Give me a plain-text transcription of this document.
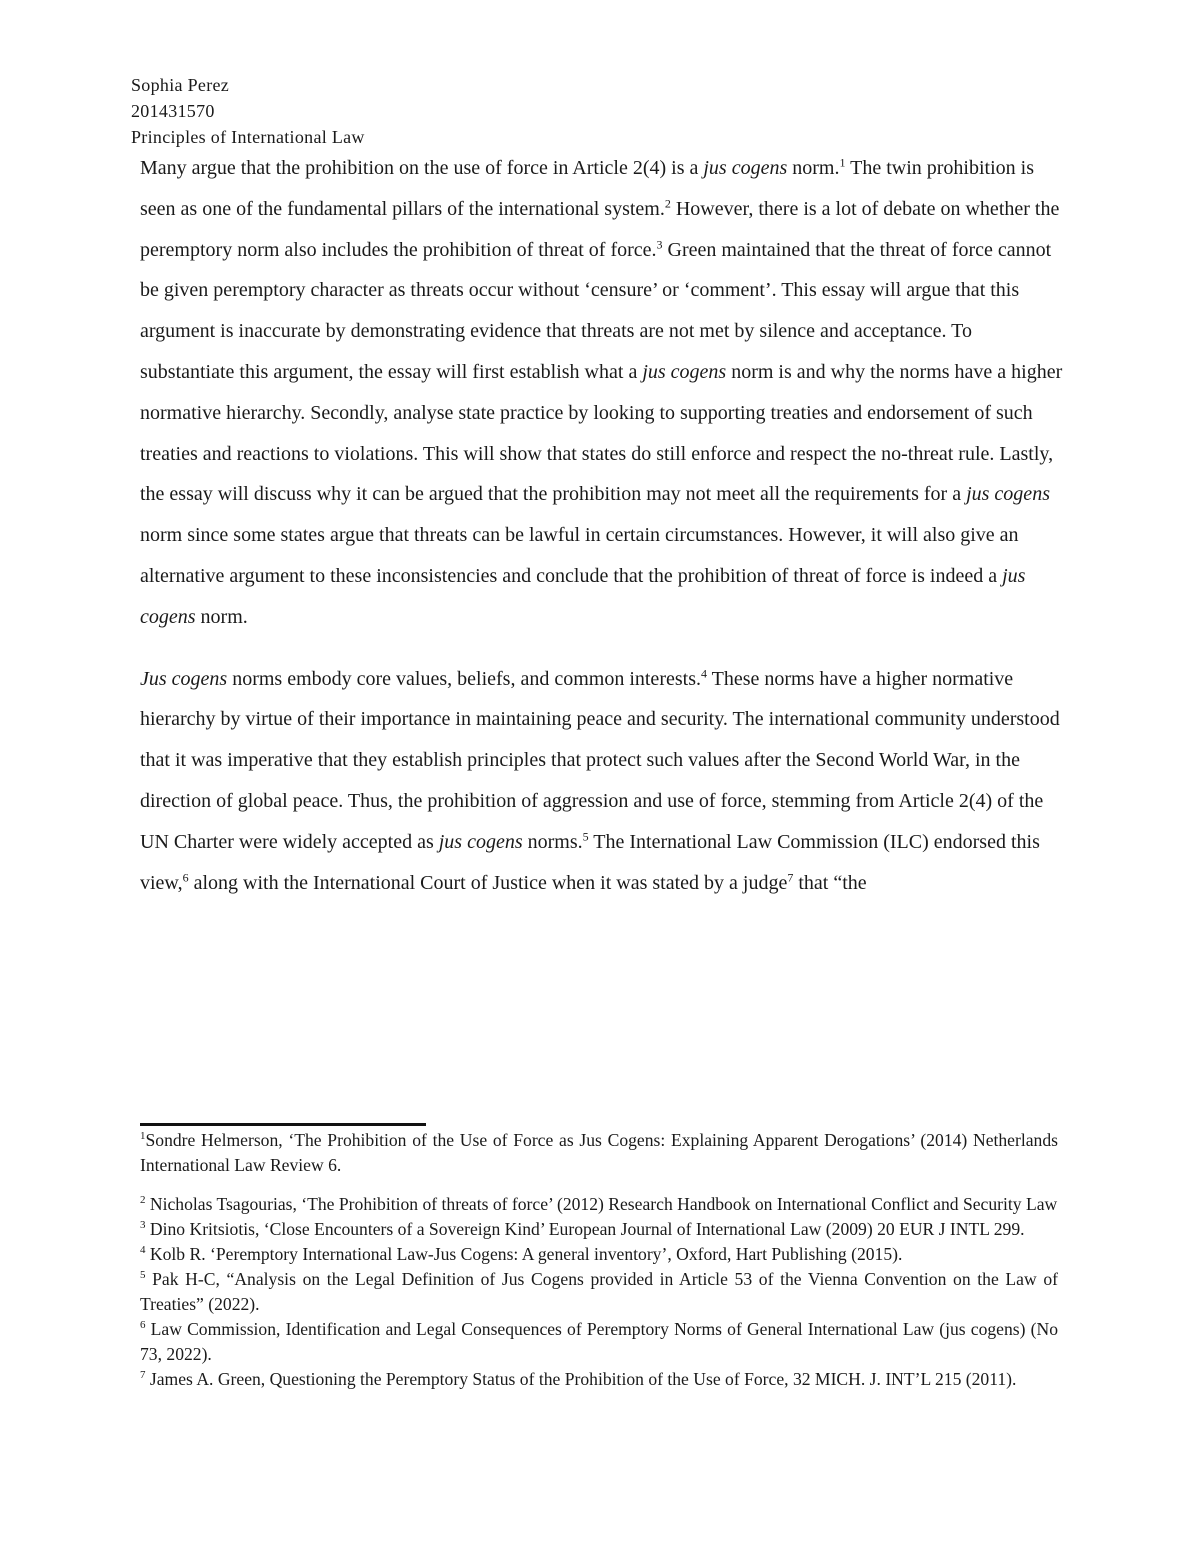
Sophia Perez
201431570
Principles of International Law

Many argue that the prohibition on the use of force in Article 2(4) is a jus cogens norm.$^1$ The twin prohibition is seen as one of the fundamental pillars of the international system.$^2$ However, there is a lot of debate on whether the peremptory norm also includes the prohibition of threat of force.$^3$ Green maintained that the threat of force cannot be given peremptory character as threats occur without ‘censure’ or ‘comment’. This essay will argue that this argument is inaccurate by demonstrating evidence that threats are not met by silence and acceptance. To substantiate this argument, the essay will first establish what a jus cogens norm is and why the norms have a higher normative hierarchy. Secondly, analyse state practice by looking to supporting treaties and endorsement of such treaties and reactions to violations. This will show that states do still enforce and respect the no-threat rule. Lastly, the essay will discuss why it can be argued that the prohibition may not meet all the requirements for a jus cogens norm since some states argue that threats can be lawful in certain circumstances. However, it will also give an alternative argument to these inconsistencies and conclude that the prohibition of threat of force is indeed a jus cogens norm.

Jus cogens norms embody core values, beliefs, and common interests.$^4$ These norms have a higher normative hierarchy by virtue of their importance in maintaining peace and security. The international community understood that it was imperative that they establish principles that protect such values after the Second World War, in the direction of global peace. Thus, the prohibition of aggression and use of force, stemming from Article 2(4) of the UN Charter were widely accepted as jus cogens norms.$^5$ The International Law Commission (ILC) endorsed this view,$^6$ along with the International Court of Justice when it was stated by a judge$^7$ that “the

$^1$Sondre Helmerson, ‘The Prohibition of the Use of Force as Jus Cogens: Explaining Apparent Derogations’ (2014) Netherlands International Law Review 6.

$^2$ Nicholas Tsagourias, ‘The Prohibition of threats of force’ (2012) Research Handbook on International Conflict and Security Law

$^3$ Dino Kritsiotis, ‘Close Encounters of a Sovereign Kind’ European Journal of International Law (2009) 20 EUR J INTL 299.

$^4$ Kolb R. ‘Peremptory International Law-Jus Cogens: A general inventory’, Oxford, Hart Publishing (2015).

$^5$ Pak H-C, “Analysis on the Legal Definition of Jus Cogens provided in Article 53 of the Vienna Convention on the Law of Treaties” (2022).

$^6$ Law Commission, Identification and Legal Consequences of Peremptory Norms of General International Law (jus cogens) (No 73, 2022).

$^7$ James A. Green, Questioning the Peremptory Status of the Prohibition of the Use of Force, 32 MICH. J. INT’L 215 (2011).
